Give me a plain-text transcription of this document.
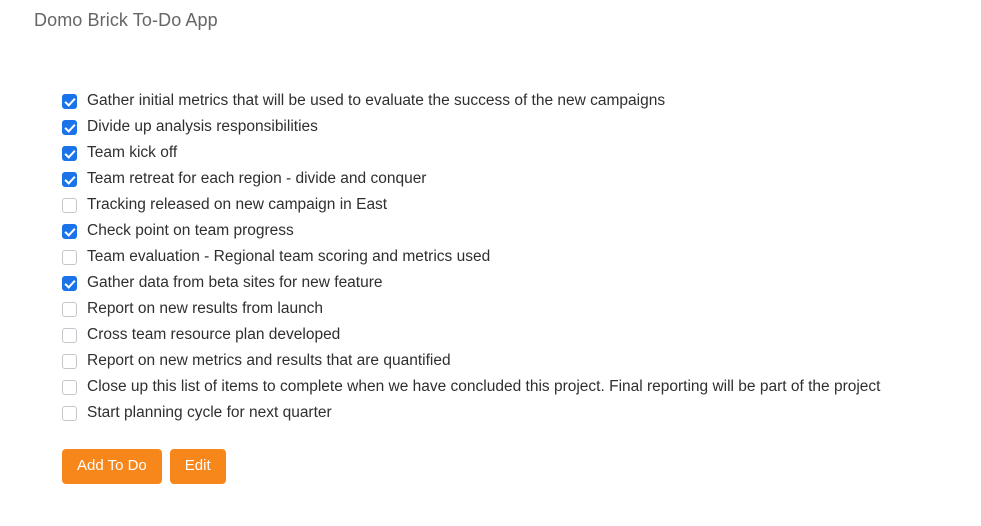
Domo Brick To-Do App
Gather initial metrics that will be used to evaluate the success of the new campaigns
Divide up analysis responsibilities
Team kick off
Team retreat for each region - divide and conquer
Tracking released on new campaign in East
Check point on team progress
Team evaluation - Regional team scoring and metrics used
Gather data from beta sites for new feature
Report on new results from launch
Cross team resource plan developed
Report on new metrics and results that are quantified
Close up this list of items to complete when we have concluded this project. Final reporting will be part of the project
Start planning cycle for next quarter
Add To Do	Edit
